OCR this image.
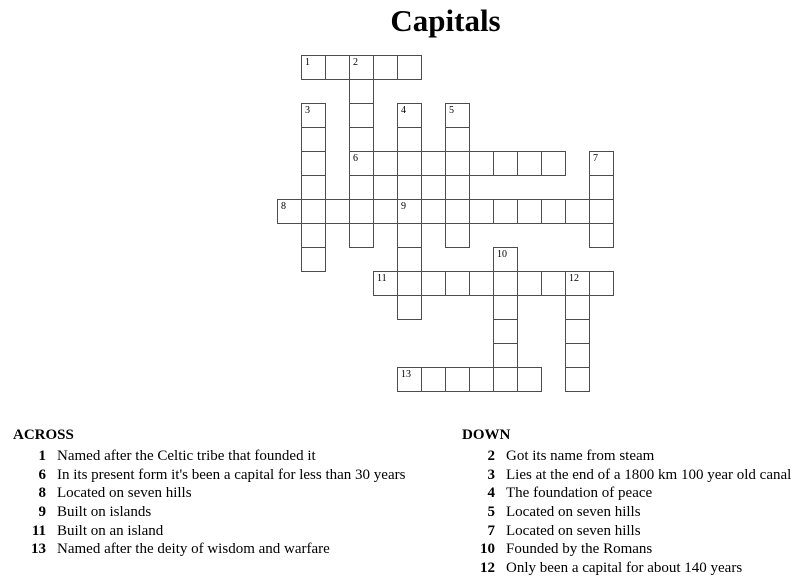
Capitals
1	2
3	4	5
6	7
8	9
10
11	12
13
ACROSS
1 Named after the Celtic tribe that founded it
6 In its present form it's been a capital for less than 30 years
8 Located on seven hills
9 Built on islands
11 Built on an island
13 Named after the deity of wisdom and warfare
DOWN
2 Got its name from steam
3 Lies at the end of a 1800 km 100 year old canal
4 The foundation of peace
5 Located on seven hills
7 Located on seven hills
10 Founded by the Romans
12 Only been a capital for about 140 years
